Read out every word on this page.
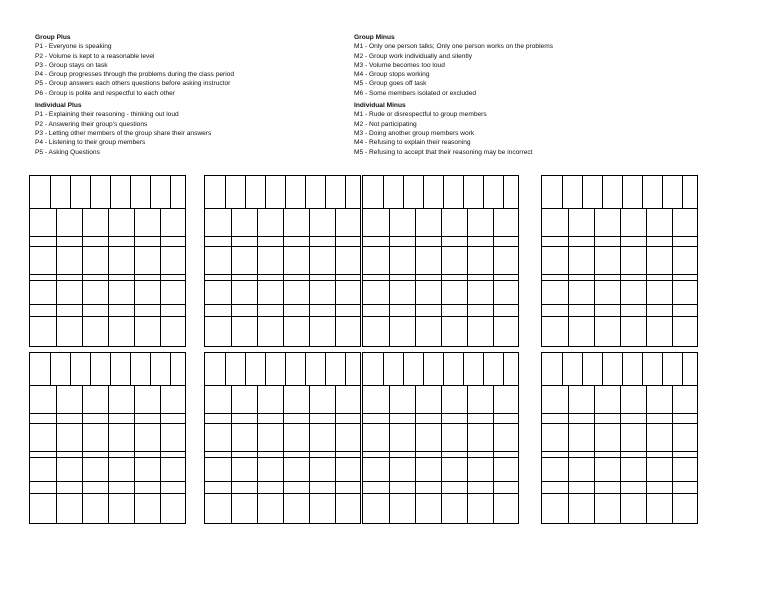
Group Plus
P1 - Everyone is speaking
P2 - Volume is kept to a reasonable level
P3 - Group stays on task
P4 - Group progresses through the problems during the class period
P5 - Group answers each others questions before asking instructor
P6 - Group is polite and respectful to each other
Individual Plus
P1 - Explaining their reasoning - thinking out loud
P2 - Answering their group's questions
P3 - Letting other members of the group share their answers
P4 - Listening to their group members
P5 - Asking Questions
Group Minus
M1 - Only one person talks; Only one person works on the problems
M2 - Group work individually and silently
M3 - Volume becomes too loud
M4 - Group stops working
M5 - Group goes off task
M6 - Some members isolated or excluded
Individual Minus
M1 - Rude or disrespectful to group members
M2 - Not participating
M3 - Doing another group members work
M4 - Refusing to explain their reasoning
M5 - Refusing to accept that their reasoning may be incorrect
